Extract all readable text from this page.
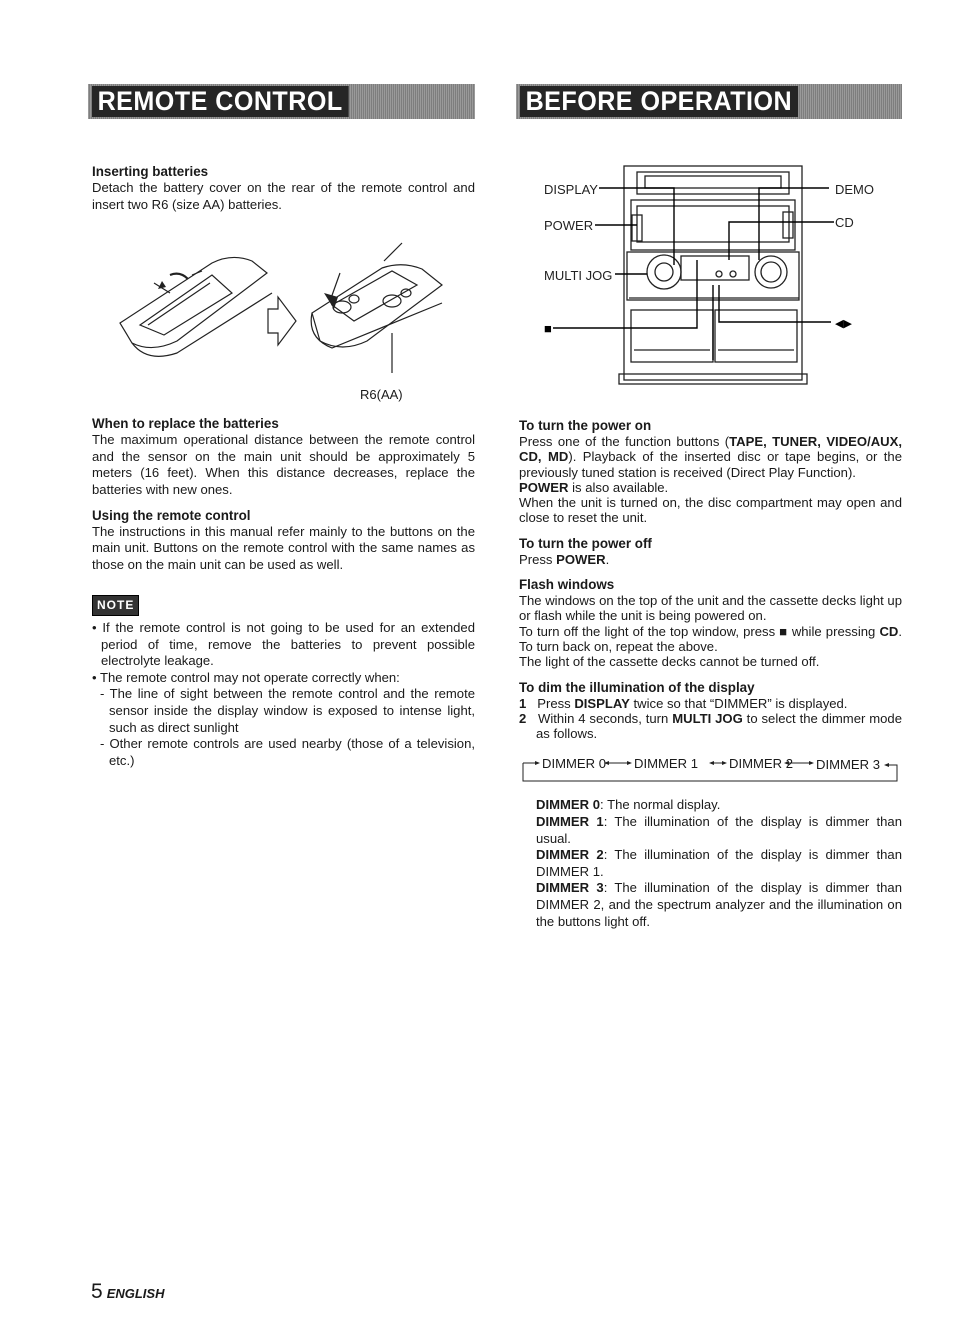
REMOTE CONTROL	BEFORE OPERATION
Inserting batteries

Detach the battery cover on the rear of the remote control and insert two R6 (size AA) batteries.

R6(AA)
When to replace the batteries

The maximum operational distance between the remote control and the sensor on the main unit should be approximately 5 meters (16 feet). When this distance decreases, replace the batteries with new ones.

Using the remote control

The instructions in this manual refer mainly to the buttons on the main unit. Buttons on the remote control with the same names as those on the main unit can be used as well.

NOTE

• If the remote control is not going to be used for an extended period of time, remove the batteries to prevent possible electrolyte leakage.

• The remote control may not operate correctly when:

- The line of sight between the remote control and the remote sensor inside the display window is exposed to intense light, such as direct sunlight

- Other remote controls are used nearby (those of a television, etc.)

DISPLAY
POWER
MULTI JOG
■
DEMO
CD
◀▶
To turn the power on

Press one of the function buttons (TAPE, TUNER, VIDEO/AUX, CD, MD). Playback of the inserted disc or tape begins, or the previously tuned station is received (Direct Play Function).

POWER is also available.

When the unit is turned on, the disc compartment may open and close to reset the unit.

To turn the power off

Press POWER.

Flash windows

The windows on the top of the unit and the cassette decks light up or flash while the unit is being powered on.

To turn off the light of the top window, press ■ while pressing CD. To turn back on, repeat the above.

The light of the cassette decks cannot be turned off.

To dim the illumination of the display

1 Press DISPLAY twice so that “DIMMER” is displayed.

2 Within 4 seconds, turn MULTI JOG to select the dimmer mode as follows.

DIMMER 0 DIMMER 1 DIMMER 2 DIMMER 3

DIMMER 0: The normal display.

DIMMER 1: The illumination of the display is dimmer than usual.

DIMMER 2: The illumination of the display is dimmer than DIMMER 1.

DIMMER 3: The illumination of the display is dimmer than DIMMER 2, and the spectrum analyzer and the illumination on the buttons light off.

5 ENGLISH
